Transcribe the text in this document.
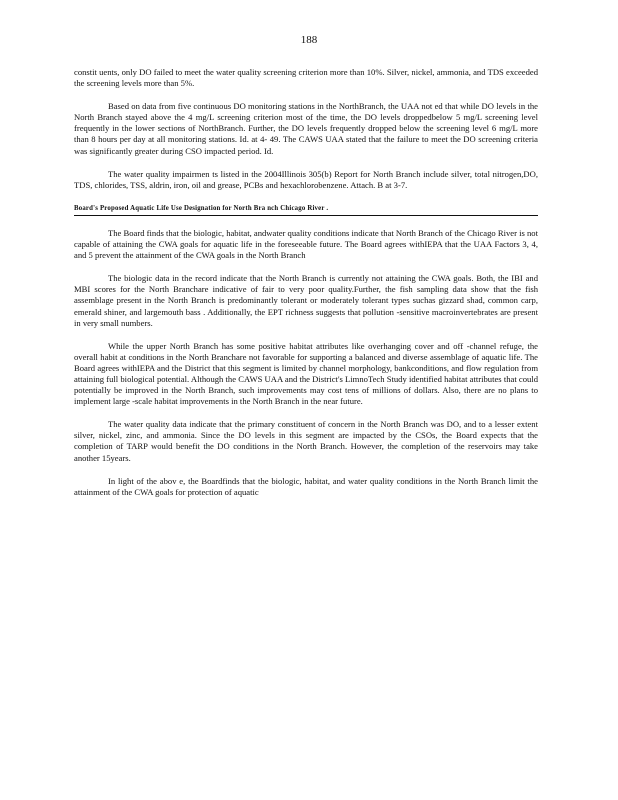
188

constit uents, only DO failed to meet the water quality screening criterion more than 10%. Silver, nickel, ammonia, and TDS exceeded the screening levels more than 5%.

Based on data from five continuous DO monitoring stations in the NorthBranch, the UAA not ed that while DO levels in the North Branch stayed above the 4 mg/L screening criterion most of the time, the DO levels droppedbelow 5 mg/L screening level frequently in the lower sections of NorthBranch. Further, the DO levels frequently dropped below the screening level 6 mg/L more than 8 hours per day at all monitoring stations. Id. at 4- 49. The CAWS UAA stated that the failure to meet the DO screening criteria was significantly greater during CSO impacted period. Id.

The water quality impairmen ts listed in the 2004Illinois 305(b) Report for North Branch include silver, total nitrogen,DO, TDS, chlorides, TSS, aldrin, iron, oil and grease, PCBs and hexachlorobenzene. Attach. B at 3-7.

Board's Proposed Aquatic Life Use Designation for North Bra nch Chicago River .

The Board finds that the biologic, habitat, andwater quality conditions indicate that North Branch of the Chicago River is not capable of attaining the CWA goals for aquatic life in the foreseeable future. The Board agrees withIEPA that the UAA Factors 3, 4, and 5 prevent the attainment of the CWA goals in the North Branch

The biologic data in the record indicate that the North Branch is currently not attaining the CWA goals. Both, the IBI and MBI scores for the North Branchare indicative of fair to very poor quality.Further, the fish sampling data show that the fish assemblage present in the North Branch is predominantly tolerant or moderately tolerant types suchas gizzard shad, common carp, emerald shiner, and largemouth bass . Additionally, the EPT richness suggests that pollution -sensitive macroinvertebrates are present in very small numbers.

While the upper North Branch has some positive habitat attributes like overhanging cover and off -channel refuge, the overall habit at conditions in the North Branchare not favorable for supporting a balanced and diverse assemblage of aquatic life. The Board agrees withIEPA and the District that this segment is limited by channel morphology, bankconditions, and flow regulation from attaining full biological potential. Although the CAWS UAA and the District's LimnoTech Study identified habitat attributes that could potentially be improved in the North Branch, such improvements may cost tens of millions of dollars. Also, there are no plans to implement large -scale habitat improvements in the North Branch in the near future.

The water quality data indicate that the primary constituent of concern in the North Branch was DO, and to a lesser extent silver, nickel, zinc, and ammonia. Since the DO levels in this segment are impacted by the CSOs, the Board expects that the completion of TARP would benefit the DO conditions in the North Branch. However, the completion of the reservoirs may take another 15years.

In light of the abov e, the Boardfinds that the biologic, habitat, and water quality conditions in the North Branch limit the attainment of the CWA goals for protection of aquatic
